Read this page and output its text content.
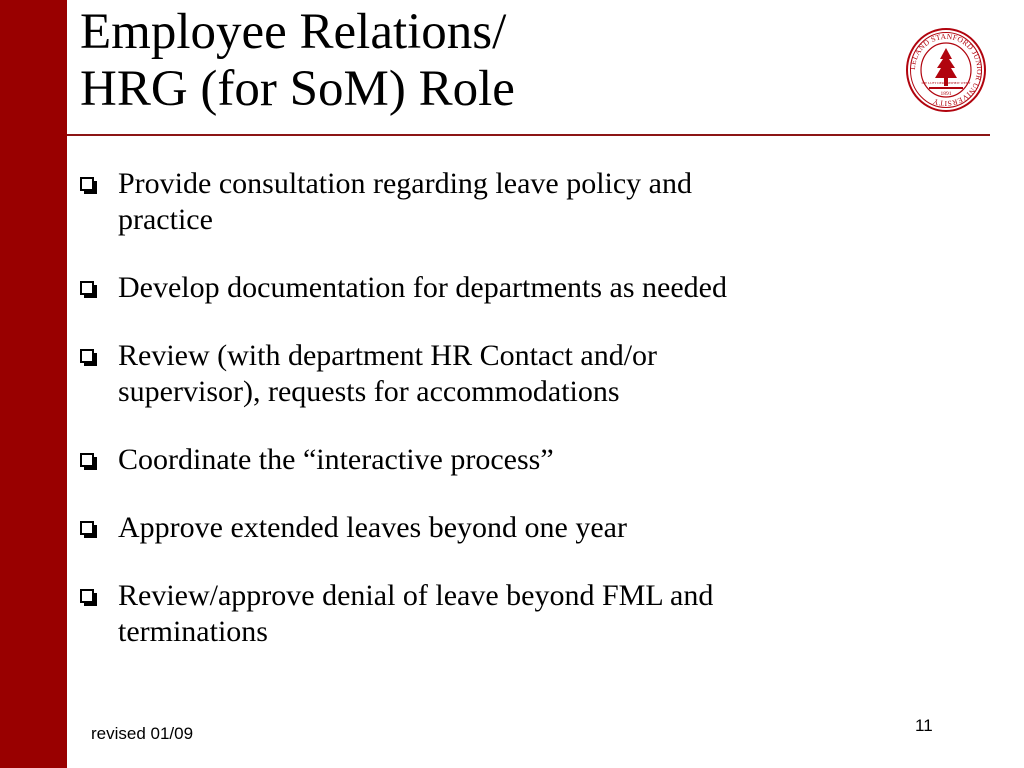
Employee Relations/
HRG (for SoM) Role	LELAND STANFORD JUNIOR UNIVERSITY
DIE LUFT DER FREIHEIT WEHT
1891
Provide consultation regarding leave policy and
practice
Develop documentation for departments as needed
Review (with department HR Contact and/or
supervisor), requests for accommodations
Coordinate the “interactive process”
Approve extended leaves beyond one year
Review/approve denial of leave beyond FML and
terminations
revised 01/09	11
